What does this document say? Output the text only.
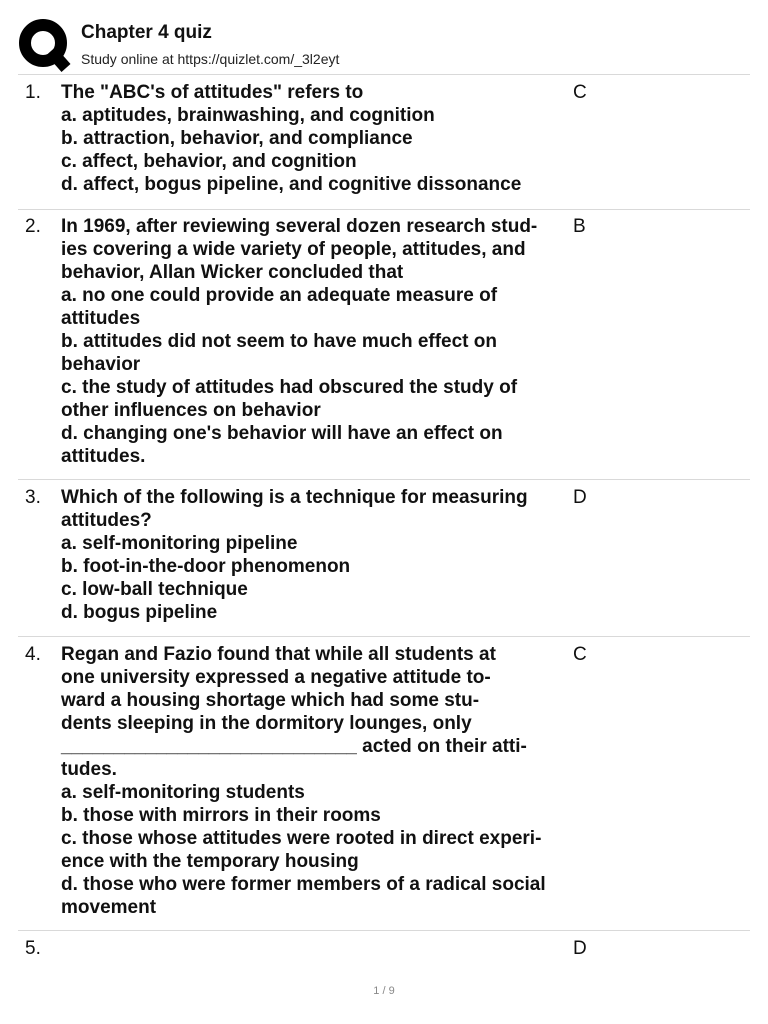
Chapter 4 quiz
Study online at https://quizlet.com/_3l2eyt
1. The "ABC's of attitudes" refers to
a. aptitudes, brainwashing, and cognition
b. attraction, behavior, and compliance
c. affect, behavior, and cognition
d. affect, bogus pipeline, and cognitive dissonance
C
2. In 1969, after reviewing several dozen research stud-
ies covering a wide variety of people, attitudes, and
behavior, Allan Wicker concluded that
a. no one could provide an adequate measure of
attitudes
b. attitudes did not seem to have much effect on
behavior
c. the study of attitudes had obscured the study of
other influences on behavior
d. changing one's behavior will have an effect on
attitudes.
B
3. Which of the following is a technique for measuring
attitudes?
a. self-monitoring pipeline
b. foot-in-the-door phenomenon
c. low-ball technique
d. bogus pipeline
D
4. Regan and Fazio found that while all students at
one university expressed a negative attitude to-
ward a housing shortage which had some stu-
dents sleeping in the dormitory lounges, only
____________________________ acted on their atti-
tudes.
a. self-monitoring students
b. those with mirrors in their rooms
c. those whose attitudes were rooted in direct experi-
ence with the temporary housing
d. those who were former members of a radical social
movement
C
5.	D
1 / 9
